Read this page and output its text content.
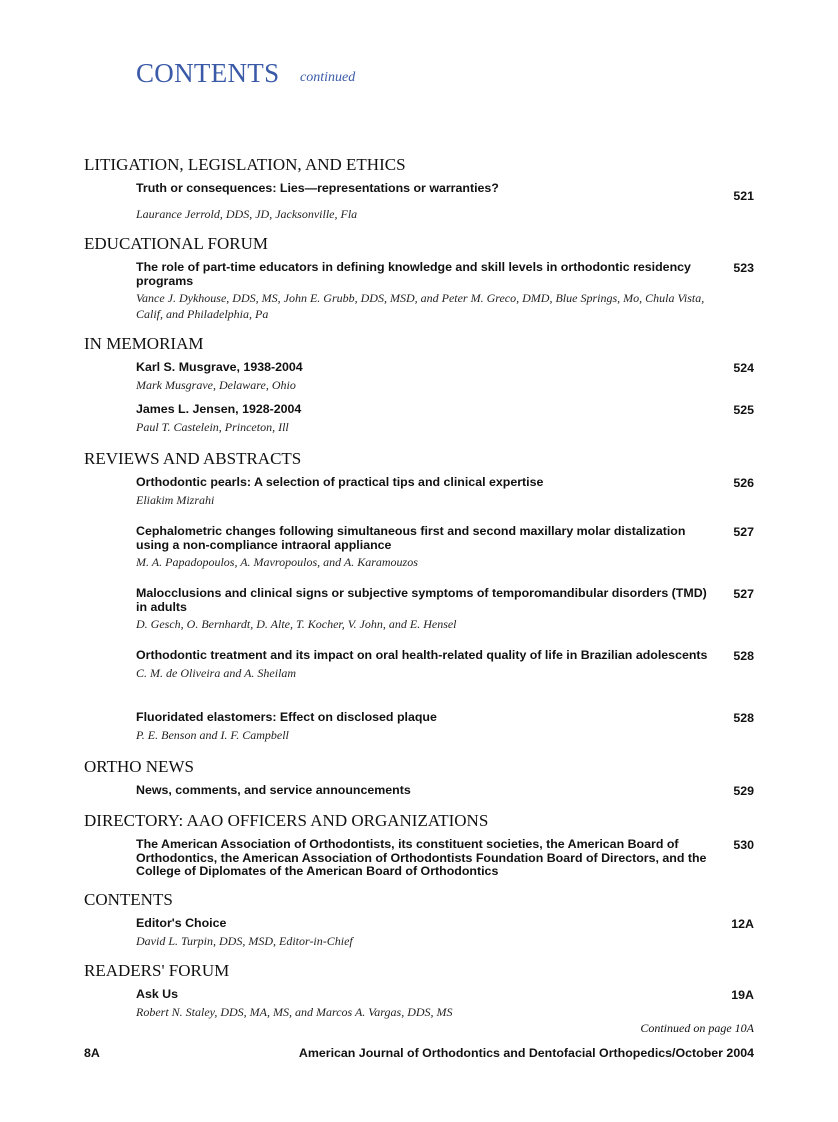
CONTENTS continued
LITIGATION, LEGISLATION, AND ETHICS
Truth or consequences: Lies—representations or warranties?
Laurance Jerrold, DDS, JD, Jacksonville, Fla
521
EDUCATIONAL FORUM
The role of part-time educators in defining knowledge and skill levels in orthodontic residency programs
Vance J. Dykhouse, DDS, MS, John E. Grubb, DDS, MSD, and Peter M. Greco, DMD, Blue Springs, Mo, Chula Vista, Calif, and Philadelphia, Pa
523
IN MEMORIAM
Karl S. Musgrave, 1938-2004
Mark Musgrave, Delaware, Ohio
524
James L. Jensen, 1928-2004
Paul T. Castelein, Princeton, Ill
525
REVIEWS AND ABSTRACTS
Orthodontic pearls: A selection of practical tips and clinical expertise
Eliakim Mizrahi
526
Cephalometric changes following simultaneous first and second maxillary molar distalization using a non-compliance intraoral appliance
M. A. Papadopoulos, A. Mavropoulos, and A. Karamouzos
527
Malocclusions and clinical signs or subjective symptoms of temporomandibular disorders (TMD) in adults
D. Gesch, O. Bernhardt, D. Alte, T. Kocher, V. John, and E. Hensel
527
Orthodontic treatment and its impact on oral health-related quality of life in Brazilian adolescents
C. M. de Oliveira and A. Sheilam
528
Fluoridated elastomers: Effect on disclosed plaque
P. E. Benson and I. F. Campbell
528
ORTHO NEWS
News, comments, and service announcements	529
DIRECTORY: AAO OFFICERS AND ORGANIZATIONS
The American Association of Orthodontists, its constituent societies, the American Board of Orthodontics, the American Association of Orthodontists Foundation Board of Directors, and the College of Diplomates of the American Board of Orthodontics
530
CONTENTS
Editor's Choice
David L. Turpin, DDS, MSD, Editor-in-Chief
12A
READERS' FORUM
Ask Us
Robert N. Staley, DDS, MA, MS, and Marcos A. Vargas, DDS, MS
19A
Continued on page 10A
8A	American Journal of Orthodontics and Dentofacial Orthopedics/October 2004
